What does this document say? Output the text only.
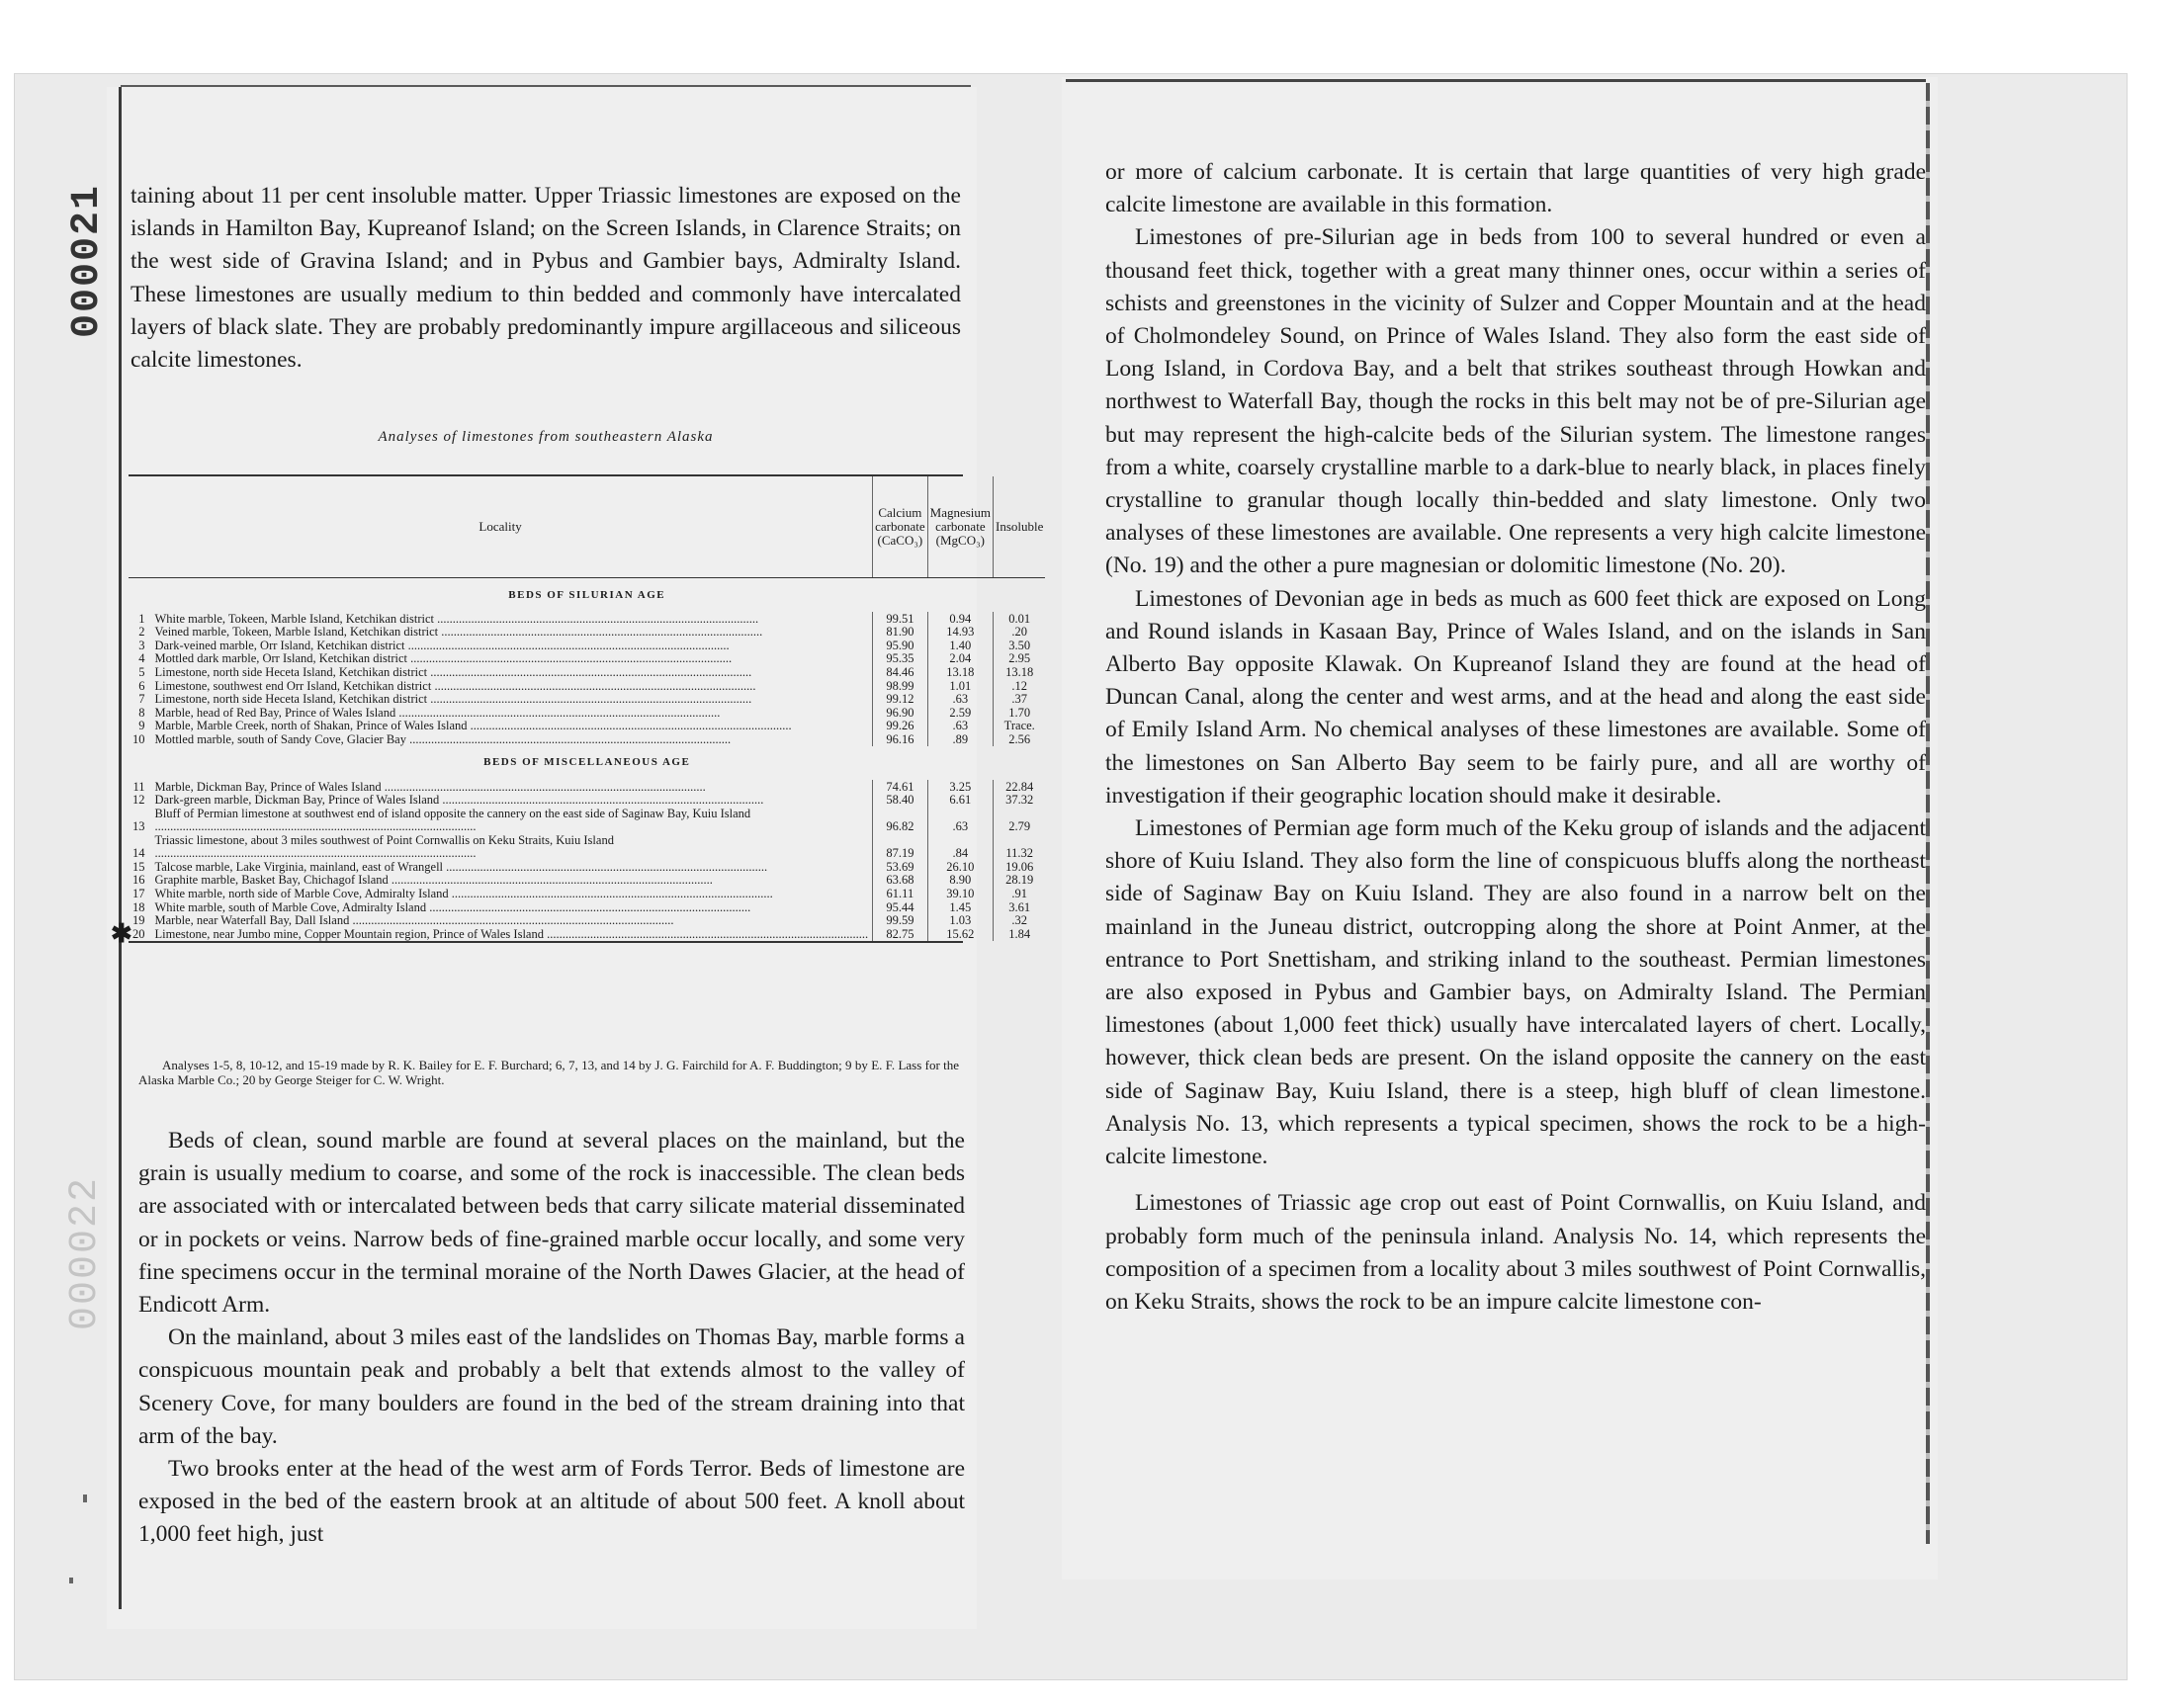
000021
000022

taining about 11 per cent insoluble matter. Upper Triassic limestones are exposed on the islands in Hamilton Bay, Kupreanof Island; on the Screen Islands, in Clarence Straits; on the west side of Gravina Island; and in Pybus and Gambier bays, Admiralty Island. These limestones are usually medium to thin bedded and commonly have intercalated layers of black slate. They are probably predominantly impure argillaceous and siliceous calcite limestones.

Analyses of limestones from southeastern Alaska
Locality		Calcium carbonate (CaCO₃)	Magnesium carbonate (MgCO₃)	Insoluble
BEDS OF SILURIAN AGE				
1	White marble, Tokeen, Marble Island, Ketchikan district .....	99.51	0.94	0.01
2	Veined marble, Tokeen, Marble Island, Ketchikan district .....	81.90	14.93	.20
3	Dark-veined marble, Orr Island, Ketchikan district .....	95.90	1.40	3.50
4	Mottled dark marble, Orr Island, Ketchikan district .....	95.35	2.04	2.95
5	Limestone, north side Heceta Island, Ketchikan district .....	84.46	13.18	13.18
6	Limestone, southwest end Orr Island, Ketchikan district .....	98.99	1.01	.12
7	Limestone, north side Heceta Island, Ketchikan district .....	99.12	.63	.37
8	Marble, head of Red Bay, Prince of Wales Island .....	96.90	2.59	1.70
9	Marble, Marble Creek, north of Shakan, Prince of Wales Island .....	99.26	.63	Trace.
10	Mottled marble, south of Sandy Cove, Glacier Bay .....	96.16	.89	2.56
BEDS OF MISCELLANEOUS AGE				
11	Marble, Dickman Bay, Prince of Wales Island .....	74.61	3.25	22.84
12	Dark-green marble, Dickman Bay, Prince of Wales Island .....	58.40	6.61	37.32
13	Bluff of Permian limestone at southwest end of island opposite the cannery on the east side of Saginaw Bay, Kuiu Island .....	96.82	.63	2.79
14	Triassic limestone, about 3 miles southwest of Point Cornwallis on Keku Straits, Kuiu Island .....	87.19	.84	11.32
15	Talcose marble, Lake Virginia, mainland, east of Wrangell .....	53.69	26.10	19.06
16	Graphite marble, Basket Bay, Chichagof Island .....	63.68	8.90	28.19
17	White marble, north side of Marble Cove, Admiralty Island .....	61.11	39.10	.91
18	White marble, south of Marble Cove, Admiralty Island .....	95.44	1.45	3.61
19	Marble, near Waterfall Bay, Dall Island .....	99.59	1.03	.32
20	Limestone, near Jumbo mine, Copper Mountain region, Prince of Wales Island .....	82.75	15.62	1.84
✱
Analyses 1-5, 8, 10-12, and 15-19 made by R. K. Bailey for E. F. Burchard; 6, 7, 13, and 14 by J. G. Fairchild for A. F. Buddington; 9 by E. F. Lass for the Alaska Marble Co.; 20 by George Steiger for C. W. Wright.

Beds of clean, sound marble are found at several places on the mainland, but the grain is usually medium to coarse, and some of the rock is inaccessible. The clean beds are associated with or intercalated between beds that carry silicate material disseminated or in pockets or veins. Narrow beds of fine-grained marble occur locally, and some very fine specimens occur in the terminal moraine of the North Dawes Glacier, at the head of Endicott Arm.

On the mainland, about 3 miles east of the landslides on Thomas Bay, marble forms a conspicuous mountain peak and probably a belt that extends almost to the valley of Scenery Cove, for many boulders are found in the bed of the stream draining into that arm of the bay.

Two brooks enter at the head of the west arm of Fords Terror. Beds of limestone are exposed in the bed of the eastern brook at an altitude of about 500 feet. A knoll about 1,000 feet high, just

or more of calcium carbonate. It is certain that large quantities of very high grade calcite limestone are available in this formation.

Limestones of pre-Silurian age in beds from 100 to several hundred or even a thousand feet thick, together with a great many thinner ones, occur within a series of schists and greenstones in the vicinity of Sulzer and Copper Mountain and at the head of Cholmondeley Sound, on Prince of Wales Island. They also form the east side of Long Island, in Cordova Bay, and a belt that strikes southeast through Howkan and northwest to Waterfall Bay, though the rocks in this belt may not be of pre-Silurian age but may represent the high-calcite beds of the Silurian system. The limestone ranges from a white, coarsely crystalline marble to a dark-blue to nearly black, in places finely crystalline to granular though locally thin-bedded and slaty limestone. Only two analyses of these limestones are available. One represents a very high calcite limestone (No. 19) and the other a pure magnesian or dolomitic limestone (No. 20).

Limestones of Devonian age in beds as much as 600 feet thick are exposed on Long and Round islands in Kasaan Bay, Prince of Wales Island, and on the islands in San Alberto Bay opposite Klawak. On Kupreanof Island they are found at the head of Duncan Canal, along the center and west arms, and at the head and along the east side of Emily Island Arm. No chemical analyses of these limestones are available. Some of the limestones on San Alberto Bay seem to be fairly pure, and all are worthy of investigation if their geographic location should make it desirable.

Limestones of Permian age form much of the Keku group of islands and the adjacent shore of Kuiu Island. They also form the line of conspicuous bluffs along the northeast side of Saginaw Bay on Kuiu Island. They are also found in a narrow belt on the mainland in the Juneau district, outcropping along the shore at Point Anmer, at the entrance to Port Snettisham, and striking inland to the southeast. Permian limestones are also exposed in Pybus and Gambier bays, on Admiralty Island. The Permian limestones (about 1,000 feet thick) usually have intercalated layers of chert. Locally, however, thick clean beds are present. On the island opposite the cannery on the east side of Saginaw Bay, Kuiu Island, there is a steep, high bluff of clean limestone. Analysis No. 13, which represents a typical specimen, shows the rock to be a high-calcite limestone.

Limestones of Triassic age crop out east of Point Cornwallis, on Kuiu Island, and probably form much of the peninsula inland. Analysis No. 14, which represents the composition of a specimen from a locality about 3 miles southwest of Point Cornwallis, on Keku Straits, shows the rock to be an impure calcite limestone con-
